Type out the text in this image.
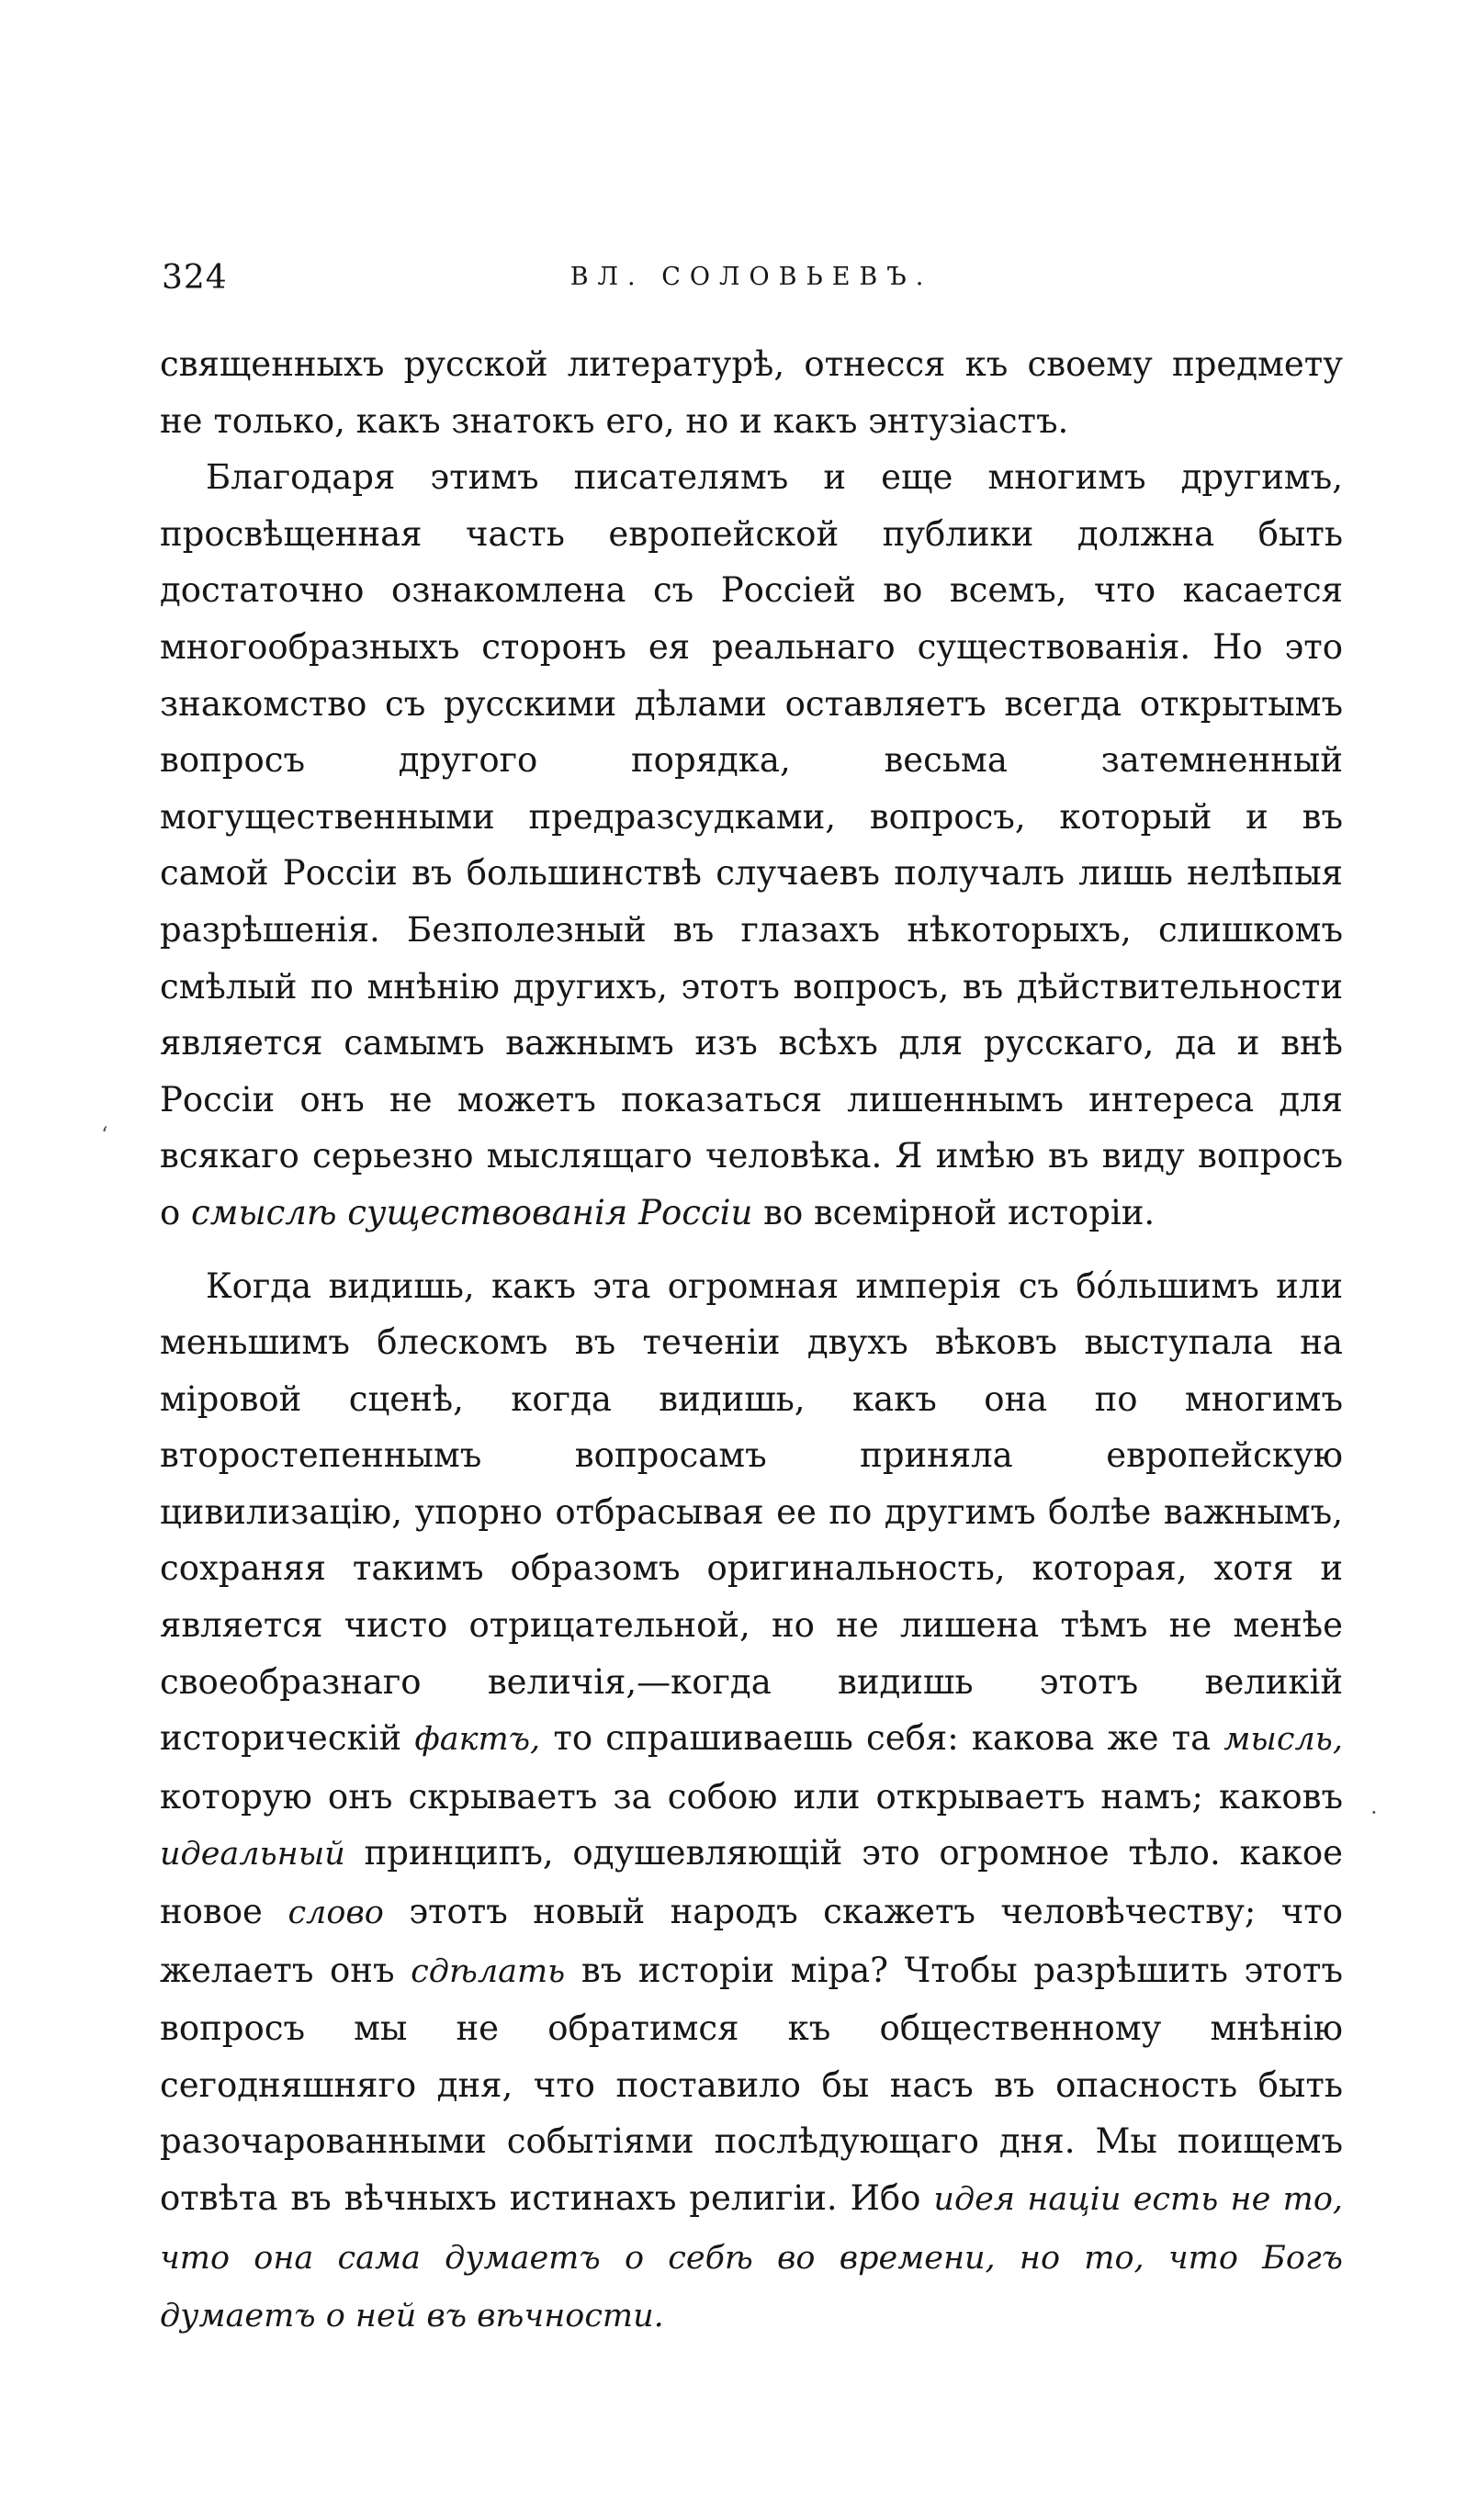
324	ВЛ. СОЛОВЬЕВЪ.

священныхъ русской литературѣ, отнесся къ своему предмету не только, какъ знатокъ его, но и какъ энтузіастъ.

Благодаря этимъ писателямъ и еще многимъ другимъ, просвѣщенная часть европейской публики должна быть достаточно ознакомлена съ Россіей во всемъ, что касается многообразныхъ сторонъ ея реальнаго существованія. Но это знакомство съ русскими дѣлами оставляетъ всегда открытымъ вопросъ другого порядка, весьма затемненный могущественными предразсудками, вопросъ, который и въ самой Россіи въ большинствѣ случаевъ получалъ лишь нелѣпыя разрѣшенія. Безполезный въ глазахъ нѣкоторыхъ, слишкомъ смѣлый по мнѣнію другихъ, этотъ вопросъ, въ дѣйствительности является самымъ важнымъ изъ всѣхъ для русскаго, да и внѣ Россіи онъ не можетъ показаться лишеннымъ интереса для всякаго серьезно мыслящаго человѣка. Я имѣю въ виду вопросъ о смыслѣ существованія Россіи во всемірной исторіи.

Когда видишь, какъ эта огромная имперія съ бо́льшимъ или меньшимъ блескомъ въ теченіи двухъ вѣковъ выступала на міровой сценѣ, когда видишь, какъ она по многимъ второстепеннымъ вопросамъ приняла европейскую цивилизацію, упорно отбрасывая ее по другимъ болѣе важнымъ, сохраняя такимъ образомъ оригинальность, которая, хотя и является чисто отрицательной, но не лишена тѣмъ не менѣе своеобразнаго величія,—когда видишь этотъ великій историческій фактъ, то спрашиваешь себя: какова же та мысль, которую онъ скрываетъ за собою или открываетъ намъ; каковъ идеальный принципъ, одушевляющій это огромное тѣло. какое новое слово этотъ новый народъ скажетъ человѣчеству; что желаетъ онъ сдѣлать въ исторіи міра? Чтобы разрѣшить этотъ вопросъ мы не обратимся къ общественному мнѣнію сегодняшняго дня, что поставило бы насъ въ опасность быть разочарованными событіями послѣдующаго дня. Мы поищемъ отвѣта въ вѣчныхъ истинахъ религіи. Ибо идея націи есть не то, что она сама думаетъ о себѣ во времени, но то, что Богъ думаетъ о ней въ вѣчности.

ʻ
·
